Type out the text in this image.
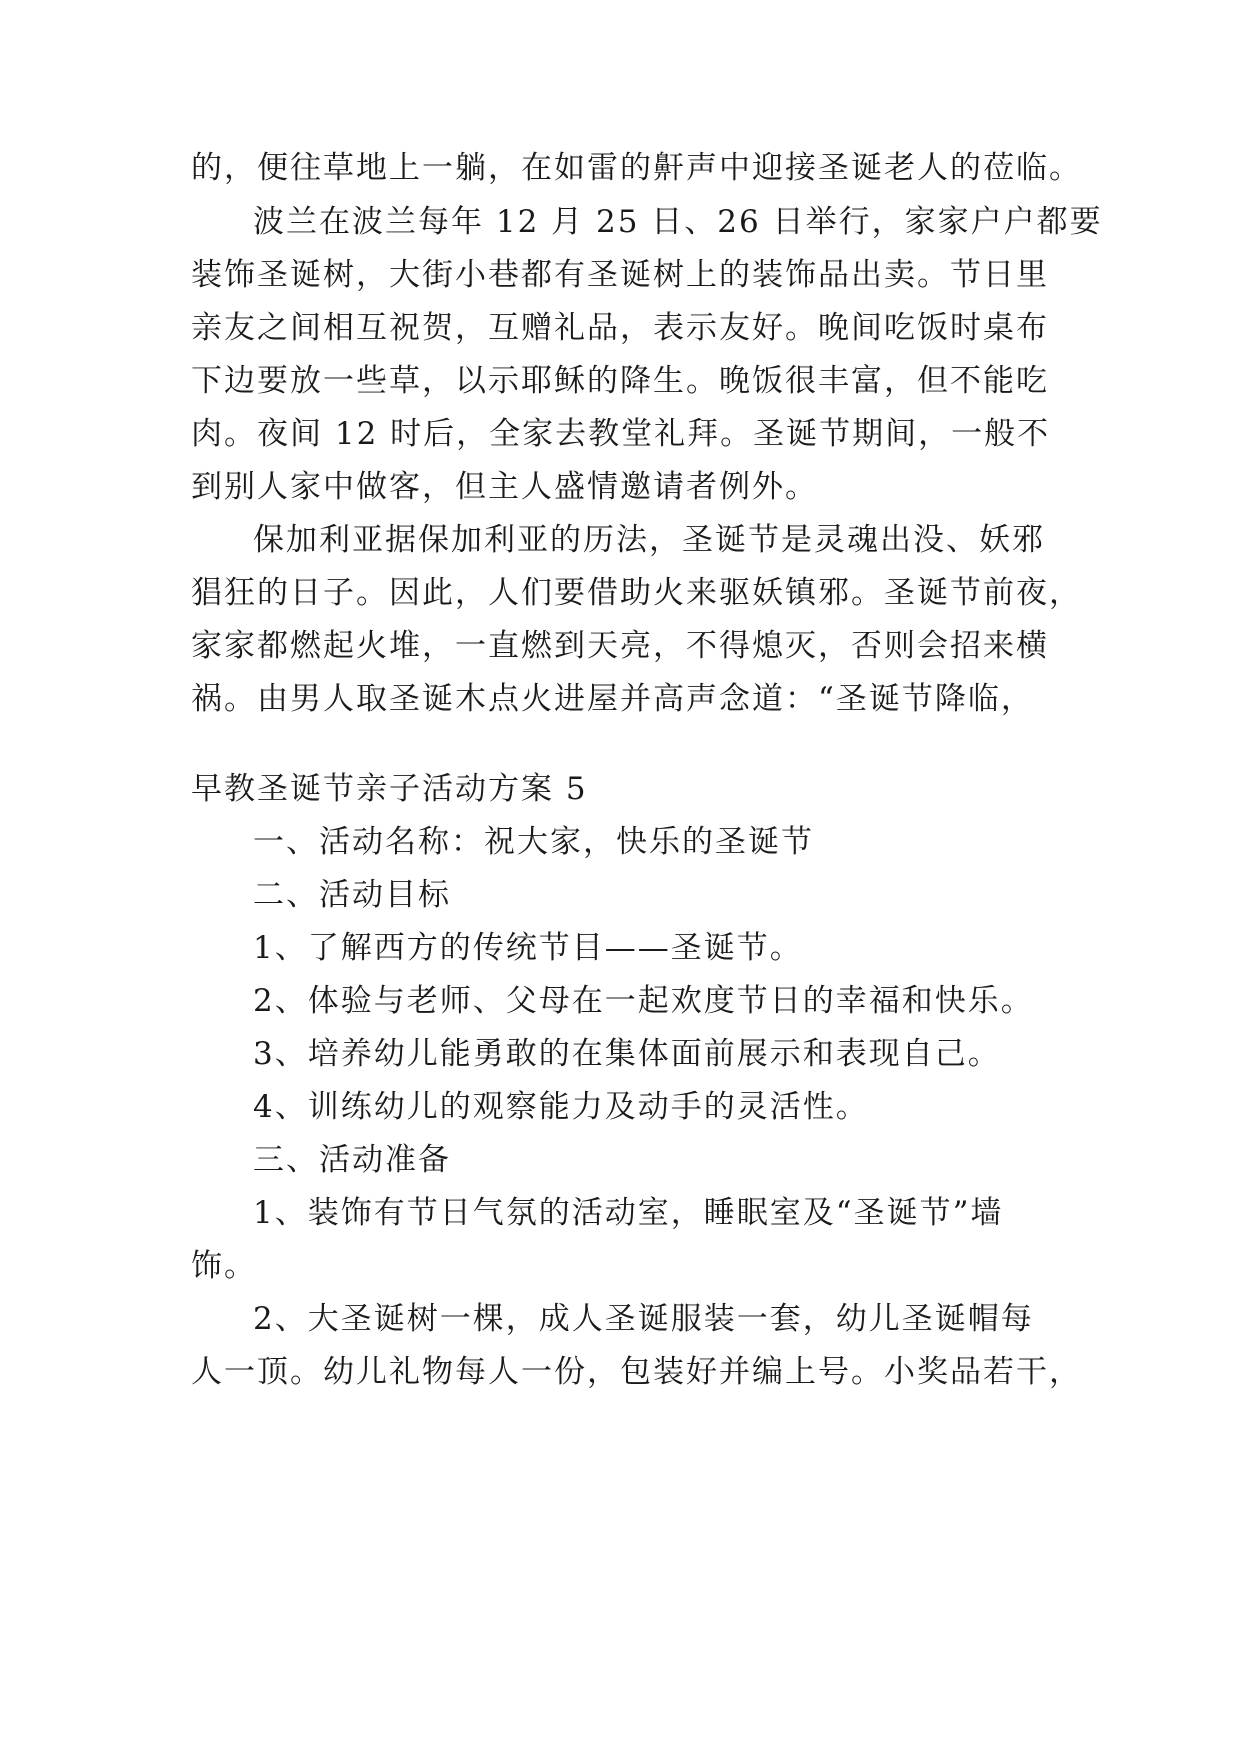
的，便往草地上一躺，在如雷的鼾声中迎接圣诞老人的莅临。
波兰在波兰每年 12 月 25 日、26 日举行，家家户户都要
装饰圣诞树，大街小巷都有圣诞树上的装饰品出卖。节日里
亲友之间相互祝贺，互赠礼品，表示友好。晚间吃饭时桌布
下边要放一些草，以示耶稣的降生。晚饭很丰富，但不能吃
肉。夜间 12 时后，全家去教堂礼拜。圣诞节期间，一般不
到别人家中做客，但主人盛情邀请者例外。
保加利亚据保加利亚的历法，圣诞节是灵魂出没、妖邪
猖狂的日子。因此，人们要借助火来驱妖镇邪。圣诞节前夜，
家家都燃起火堆，一直燃到天亮，不得熄灭，否则会招来横
祸。由男人取圣诞木点火进屋并高声念道：“圣诞节降临，
早教圣诞节亲子活动方案 5
一、活动名称：祝大家，快乐的圣诞节
二、活动目标
1、了解西方的传统节目——圣诞节。
2、体验与老师、父母在一起欢度节日的幸福和快乐。
3、培养幼儿能勇敢的在集体面前展示和表现自己。
4、训练幼儿的观察能力及动手的灵活性。
三、活动准备
1、装饰有节日气氛的活动室，睡眠室及“圣诞节”墙
饰。
2、大圣诞树一棵，成人圣诞服装一套，幼儿圣诞帽每
人一顶。幼儿礼物每人一份，包装好并编上号。小奖品若干，
